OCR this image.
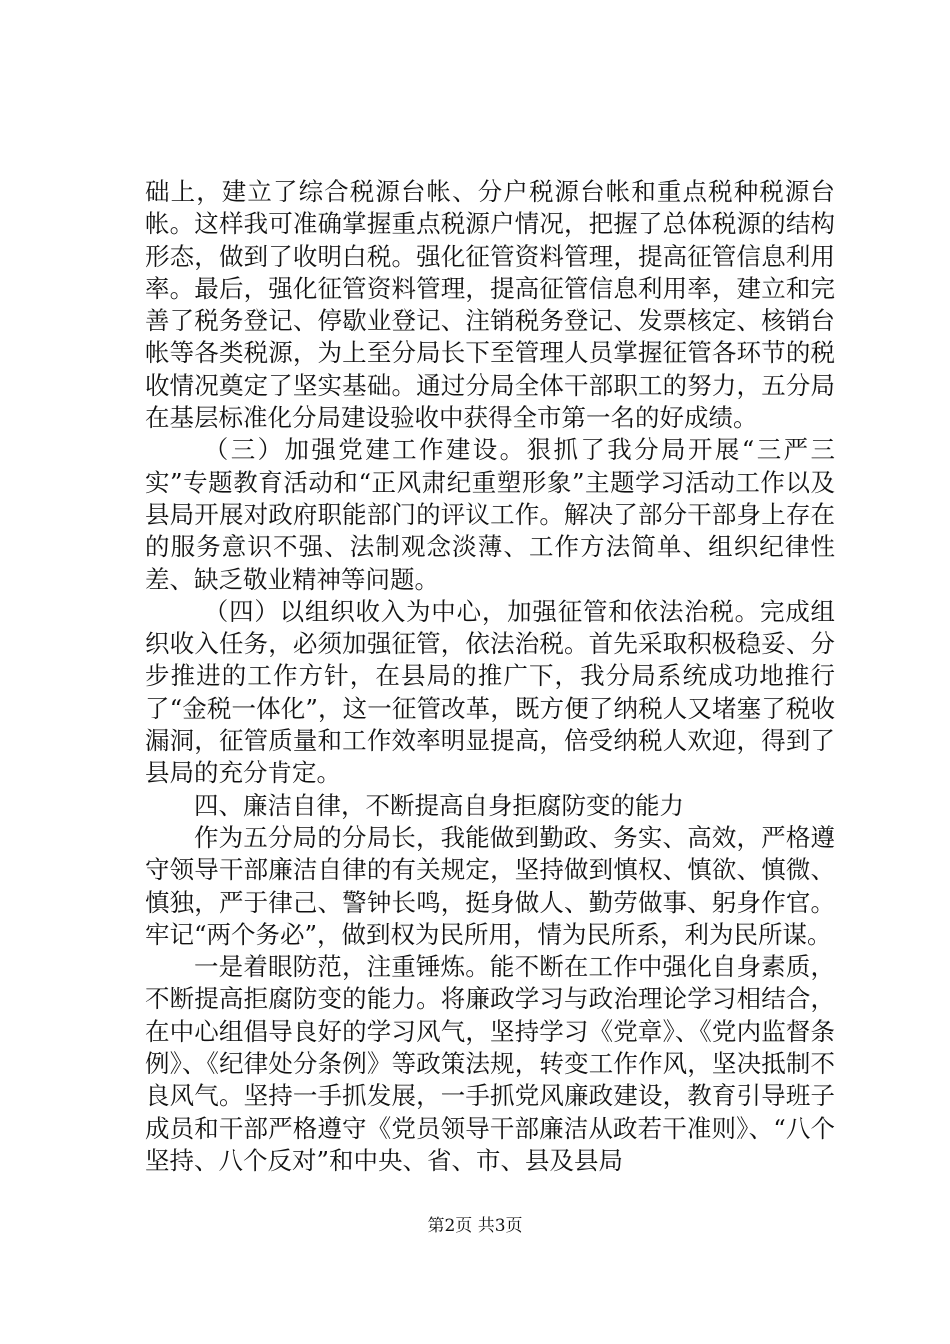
础上，建立了综合税源台帐、分户税源台帐和重点税种税源台帐。这样我可准确掌握重点税源户情况，把握了总体税源的结构形态，做到了收明白税。强化征管资料管理，提高征管信息利用率。最后，强化征管资料管理，提高征管信息利用率，建立和完善了税务登记、停歇业登记、注销税务登记、发票核定、核销台帐等各类税源，为上至分局长下至管理人员掌握征管各环节的税收情况奠定了坚实基础。通过分局全体干部职工的努力，五分局在基层标准化分局建设验收中获得全市第一名的好成绩。

（三）加强党建工作建设。狠抓了我分局开展“三严三实”专题教育活动和“正风肃纪重塑形象”主题学习活动工作以及县局开展对政府职能部门的评议工作。解决了部分干部身上存在的服务意识不强、法制观念淡薄、工作方法简单、组织纪律性差、缺乏敬业精神等问题。

（四）以组织收入为中心，加强征管和依法治税。完成组织收入任务，必须加强征管，依法治税。首先采取积极稳妥、分步推进的工作方针，在县局的推广下，我分局系统成功地推行了“金税一体化”，这一征管改革，既方便了纳税人又堵塞了税收漏洞，征管质量和工作效率明显提高，倍受纳税人欢迎，得到了县局的充分肯定。

四、廉洁自律，不断提高自身拒腐防变的能力

作为五分局的分局长，我能做到勤政、务实、高效，严格遵守领导干部廉洁自律的有关规定，坚持做到慎权、慎欲、慎微、慎独，严于律己、警钟长鸣，挺身做人、勤劳做事、躬身作官。牢记“两个务必”，做到权为民所用，情为民所系，利为民所谋。

一是着眼防范，注重锤炼。能不断在工作中强化自身素质，不断提高拒腐防变的能力。将廉政学习与政治理论学习相结合，在中心组倡导良好的学习风气，坚持学习《党章》、《党内监督条例》、《纪律处分条例》等政策法规，转变工作作风，坚决抵制不良风气。坚持一手抓发展，一手抓党风廉政建设，教育引导班子成员和干部严格遵守《党员领导干部廉洁从政若干准则》、“八个坚持、八个反对”和中央、省、市、县及县局

第2页 共3页
